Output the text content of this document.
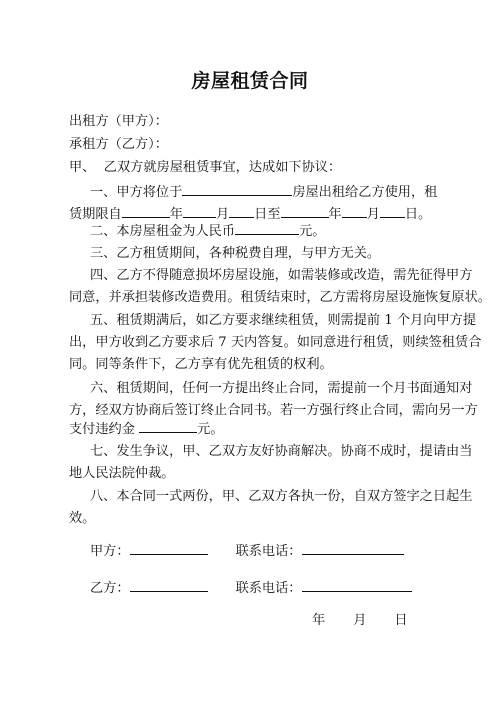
房屋租赁合同
出租方（甲方）：
承租方（乙方）：
甲、  乙双方就房屋租赁事宜，达成如下协议：
一、甲方将位于	房屋出租给乙方使用，租
赁期限自	年	月 日至	年 月 日。
二、本房屋租金为人民币	元。
三、乙方租赁期间，各种税费自理，与甲方无关。
四、乙方不得随意损坏房屋设施，如需装修或改造，需先征得甲方
同意，并承担装修改造费用。租赁结束时，乙方需将房屋设施恢复原状。
五、租赁期满后，如乙方要求继续租赁，则需提前 1 个月向甲方提
出，甲方收到乙方要求后 7 天内答复。如同意进行租赁，则续签租赁合
同。同等条件下，乙方享有优先租赁的权利。
六、租赁期间，任何一方提出终止合同，需提前一个月书面通知对
方，经双方协商后签订终止合同书。若一方强行终止合同，需向另一方
支付违约金	元。
七、发生争议，甲、乙双方友好协商解决。协商不成时，提请由当
地人民法院仲裁。
八、本合同一式两份，甲、乙双方各执一份，自双方签字之日起生
效。
甲方：	联系电话：
乙方：	联系电话：
年 月 日
